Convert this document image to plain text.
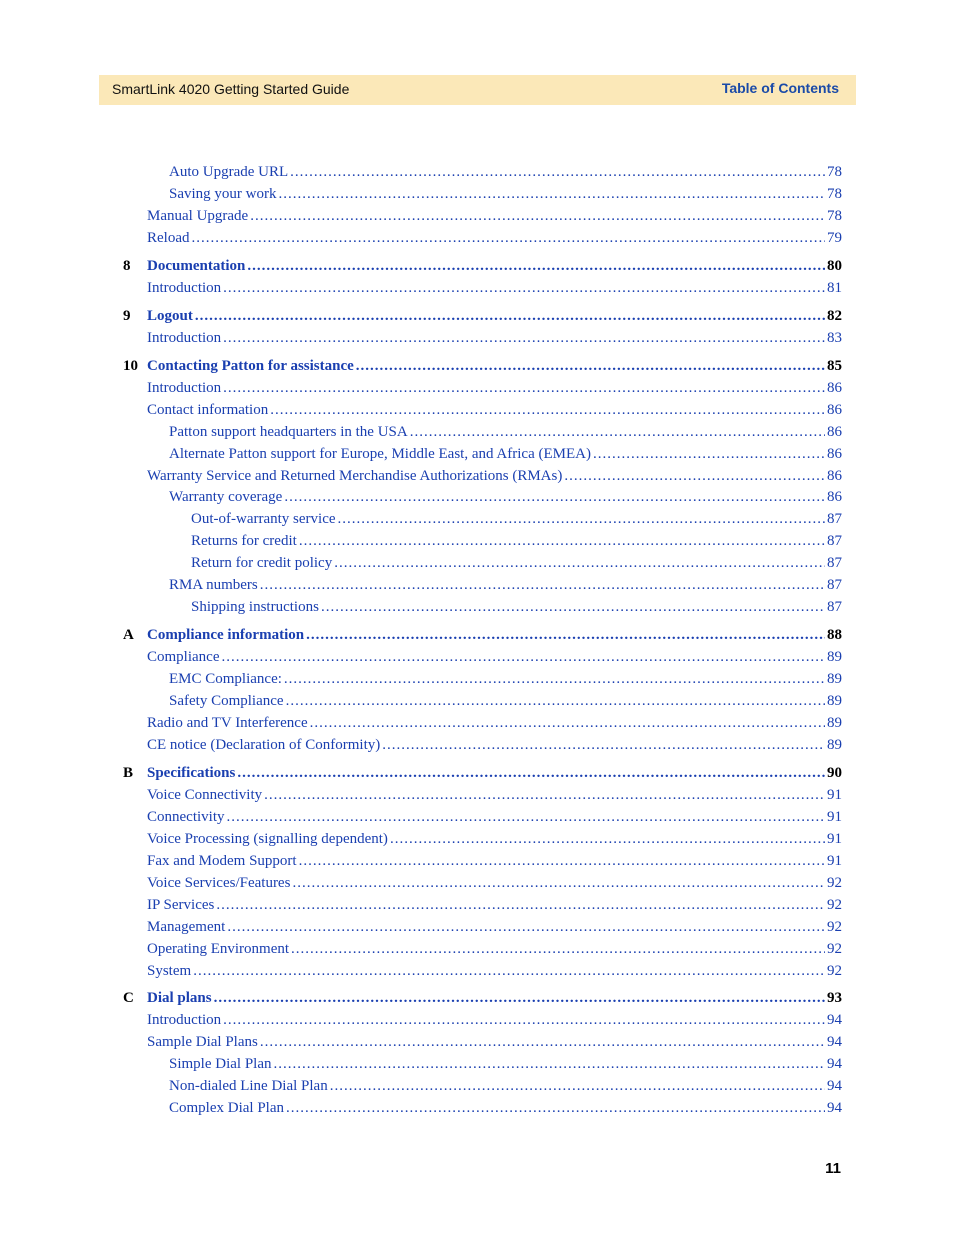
SmartLink 4020 Getting Started Guide	Table of Contents
Auto Upgrade URL .....	78
Saving your work .....	78
Manual Upgrade .....	78
Reload .....	79
8	Documentation .....	80
Introduction .....	81
9	Logout .....	82
Introduction .....	83
10 Contacting Patton for assistance .....	85
Introduction .....	86
Contact information .....	86
Patton support headquarters in the USA .....	86
Alternate Patton support for Europe, Middle East, and Africa (EMEA) .....	86
Warranty Service and Returned Merchandise Authorizations (RMAs) .....	86
Warranty coverage .....	86
Out-of-warranty service .....	87
Returns for credit .....	87
Return for credit policy .....	87
RMA numbers .....	87
Shipping instructions .....	87
A Compliance information .....	88
Compliance .....	89
EMC Compliance: .....	89
Safety Compliance .....	89
Radio and TV Interference .....	89
CE notice (Declaration of Conformity) .....	89
B Specifications .....	90
Voice Connectivity .....	91
Connectivity .....	91
Voice Processing (signalling dependent) .....	91
Fax and Modem Support .....	91
Voice Services/Features .....	92
IP Services .....	92
Management .....	92
Operating Environment .....	92
System .....	92
C Dial plans .....	93
Introduction .....	94
Sample Dial Plans .....	94
Simple Dial Plan .....	94
Non-dialed Line Dial Plan .....	94
Complex Dial Plan .....	94
11
